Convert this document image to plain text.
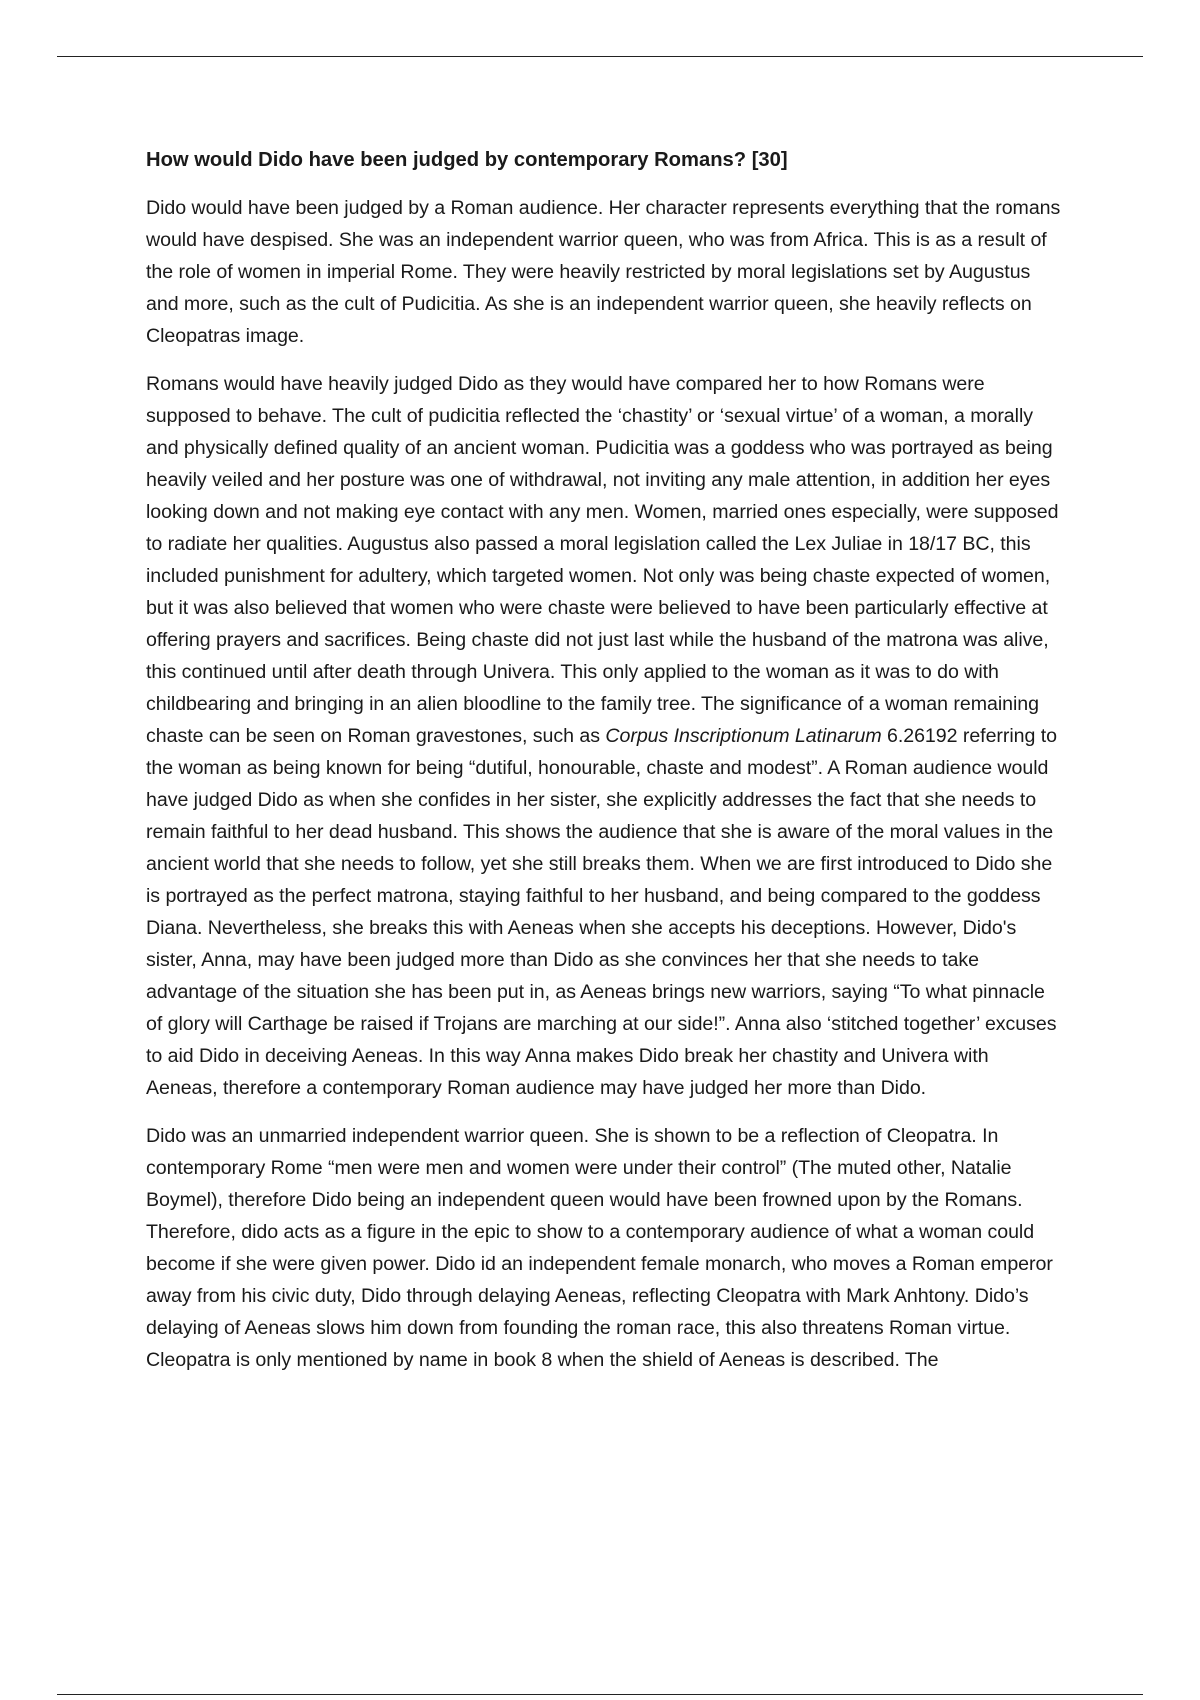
How would Dido have been judged by contemporary Romans? [30]

Dido would have been judged by a Roman audience. Her character represents everything that the romans would have despised. She was an independent warrior queen, who was from Africa. This is as a result of the role of women in imperial Rome. They were heavily restricted by moral legislations set by Augustus and more, such as the cult of Pudicitia. As she is an independent warrior queen, she heavily reflects on Cleopatras image.

Romans would have heavily judged Dido as they would have compared her to how Romans were supposed to behave. The cult of pudicitia reflected the ‘chastity’ or ‘sexual virtue’ of a woman, a morally and physically defined quality of an ancient woman. Pudicitia was a goddess who was portrayed as being heavily veiled and her posture was one of withdrawal, not inviting any male attention, in addition her eyes looking down and not making eye contact with any men. Women, married ones especially, were supposed to radiate her qualities. Augustus also passed a moral legislation called the Lex Juliae in 18/17 BC, this included punishment for adultery, which targeted women. Not only was being chaste expected of women, but it was also believed that women who were chaste were believed to have been particularly effective at offering prayers and sacrifices. Being chaste did not just last while the husband of the matrona was alive, this continued until after death through Univera. This only applied to the woman as it was to do with childbearing and bringing in an alien bloodline to the family tree. The significance of a woman remaining chaste can be seen on Roman gravestones, such as Corpus Inscriptionum Latinarum 6.26192 referring to the woman as being known for being “dutiful, honourable, chaste and modest”. A Roman audience would have judged Dido as when she confides in her sister, she explicitly addresses the fact that she needs to remain faithful to her dead husband. This shows the audience that she is aware of the moral values in the ancient world that she needs to follow, yet she still breaks them. When we are first introduced to Dido she is portrayed as the perfect matrona, staying faithful to her husband, and being compared to the goddess Diana. Nevertheless, she breaks this with Aeneas when she accepts his deceptions. However, Dido's sister, Anna, may have been judged more than Dido as she convinces her that she needs to take advantage of the situation she has been put in, as Aeneas brings new warriors, saying “To what pinnacle of glory will Carthage be raised if Trojans are marching at our side!”. Anna also ‘stitched together’ excuses to aid Dido in deceiving Aeneas. In this way Anna makes Dido break her chastity and Univera with Aeneas, therefore a contemporary Roman audience may have judged her more than Dido.

Dido was an unmarried independent warrior queen. She is shown to be a reflection of Cleopatra. In contemporary Rome “men were men and women were under their control” (The muted other, Natalie Boymel), therefore Dido being an independent queen would have been frowned upon by the Romans. Therefore, dido acts as a figure in the epic to show to a contemporary audience of what a woman could become if she were given power. Dido id an independent female monarch, who moves a Roman emperor away from his civic duty, Dido through delaying Aeneas, reflecting Cleopatra with Mark Anhtony. Dido’s delaying of Aeneas slows him down from founding the roman race, this also threatens Roman virtue. Cleopatra is only mentioned by name in book 8 when the shield of Aeneas is described. The
